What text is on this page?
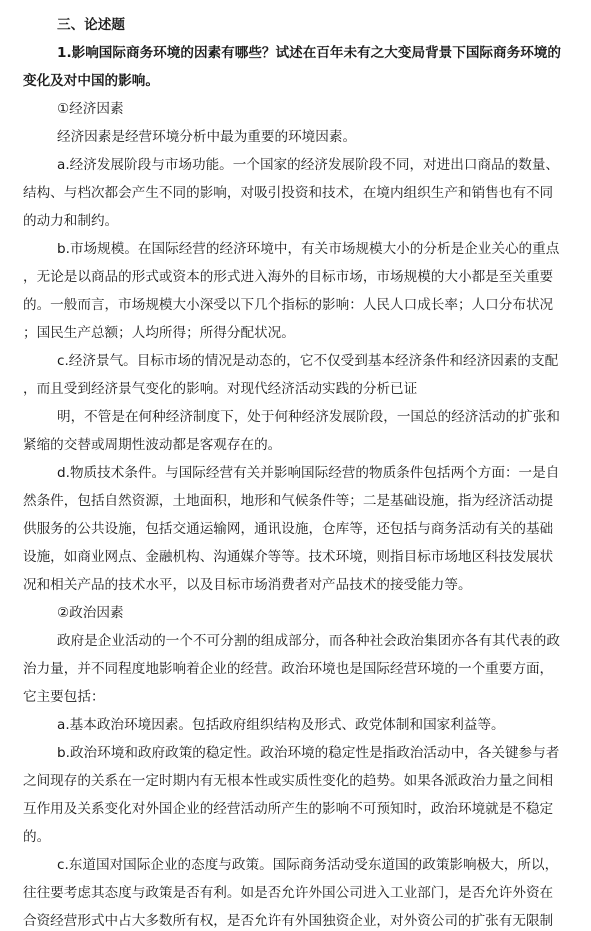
三、论述题

1.影响国际商务环境的因素有哪些？试述在百年未有之大变局背景下国际商务环境的

变化及对中国的影响。

①经济因素

经济因素是经营环境分析中最为重要的环境因素。

a.经济发展阶段与市场功能。一个国家的经济发展阶段不同，对进出口商品的数量、

结构、与档次都会产生不同的影响，对吸引投资和技术，在境内组织生产和销售也有不同

的动力和制约。

b.市场规模。在国际经营的经济环境中，有关市场规模大小的分析是企业关心的重点

，无论是以商品的形式或资本的形式进入海外的目标市场，市场规模的大小都是至关重要

的。一般而言，市场规模大小深受以下几个指标的影响：人民人口成长率；人口分布状况

；国民生产总额；人均所得；所得分配状况。

c.经济景气。目标市场的情况是动态的，它不仅受到基本经济条件和经济因素的支配

，而且受到经济景气变化的影响。对现代经济活动实践的分析已证

明，不管是在何种经济制度下，处于何种经济发展阶段，一国总的经济活动的扩张和

紧缩的交替或周期性波动都是客观存在的。

d.物质技术条件。与国际经营有关并影响国际经营的物质条件包括两个方面：一是自

然条件，包括自然资源，土地面积，地形和气候条件等；二是基础设施，指为经济活动提

供服务的公共设施，包括交通运输网，通讯设施，仓库等，还包括与商务活动有关的基础

设施，如商业网点、金融机构、沟通媒介等等。技术环境，则指目标市场地区科技发展状

况和相关产品的技术水平，以及目标市场消费者对产品技术的接受能力等。

②政治因素

政府是企业活动的一个不可分割的组成部分，而各种社会政治集团亦各有其代表的政

治力量，并不同程度地影响着企业的经营。政治环境也是国际经营环境的一个重要方面，

它主要包括：

a.基本政治环境因素。包括政府组织结构及形式、政党体制和国家利益等。

b.政治环境和政府政策的稳定性。政治环境的稳定性是指政治活动中，各关键参与者

之间现存的关系在一定时期内有无根本性或实质性变化的趋势。如果各派政治力量之间相

互作用及关系变化对外国企业的经营活动所产生的影响不可预知时，政治环境就是不稳定

的。

c.东道国对国际企业的态度与政策。国际商务活动受东道国的政策影响极大，所以，

往往要考虑其态度与政策是否有利。如是否允许外国公司进入工业部门，是否允许外资在

合资经营形式中占大多数所有权，是否允许有外国独资企业，对外资公司的扩张有无限制
